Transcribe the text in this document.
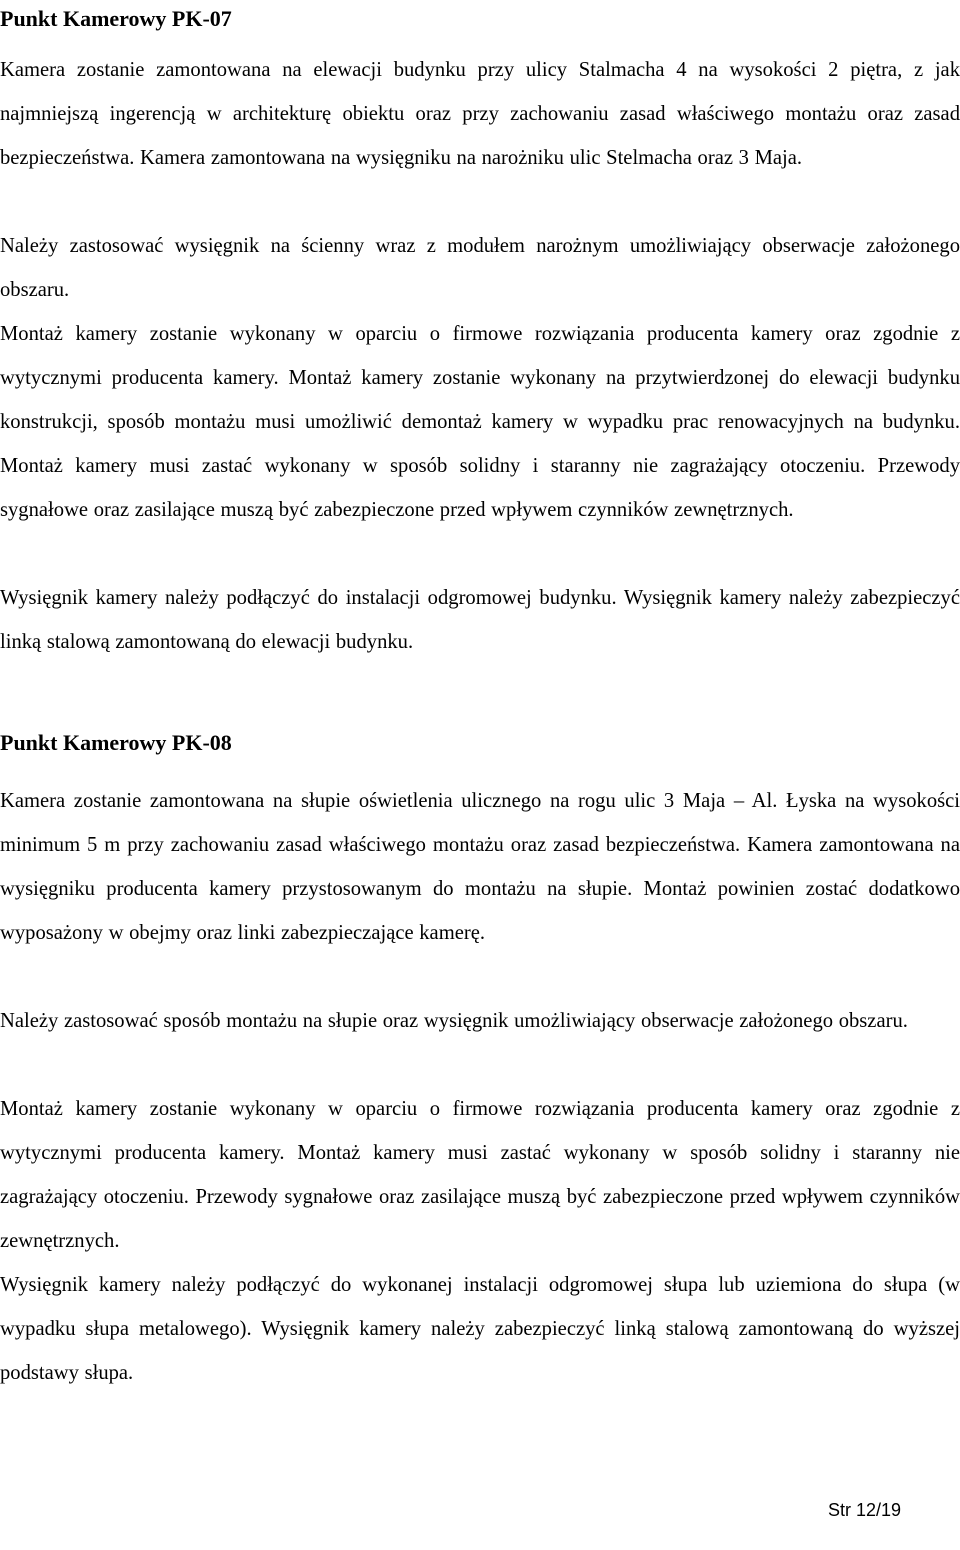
Punkt Kamerowy PK-07

Kamera zostanie zamontowana na elewacji budynku przy ulicy Stalmacha 4 na wysokości 2 piętra, z jak najmniejszą ingerencją w architekturę obiektu oraz przy zachowaniu zasad właściwego montażu oraz zasad bezpieczeństwa. Kamera zamontowana na wysięgniku na narożniku ulic Stelmacha oraz 3 Maja.

Należy zastosować wysięgnik na ścienny wraz z modułem narożnym umożliwiający obserwacje założonego obszaru.

Montaż kamery zostanie wykonany w oparciu o firmowe rozwiązania producenta kamery oraz zgodnie z wytycznymi producenta kamery. Montaż kamery zostanie wykonany na przytwierdzonej do elewacji budynku konstrukcji, sposób montażu musi umożliwić demontaż kamery w wypadku prac renowacyjnych na budynku. Montaż kamery musi zastać wykonany w sposób solidny i staranny nie zagrażający otoczeniu. Przewody sygnałowe oraz zasilające muszą być zabezpieczone przed wpływem czynników zewnętrznych.

Wysięgnik kamery należy podłączyć do instalacji odgromowej budynku. Wysięgnik kamery należy zabezpieczyć linką stalową zamontowaną do elewacji budynku.

Punkt Kamerowy PK-08

Kamera zostanie zamontowana na słupie oświetlenia ulicznego na rogu ulic 3 Maja – Al. Łyska na wysokości minimum 5 m przy zachowaniu zasad właściwego montażu oraz zasad bezpieczeństwa. Kamera zamontowana na wysięgniku producenta kamery przystosowanym do montażu na słupie. Montaż powinien zostać dodatkowo wyposażony w obejmy oraz linki zabezpieczające kamerę.

Należy zastosować sposób montażu na słupie oraz wysięgnik umożliwiający obserwacje założonego obszaru.

Montaż kamery zostanie wykonany w oparciu o firmowe rozwiązania producenta kamery oraz zgodnie z wytycznymi producenta kamery. Montaż kamery musi zastać wykonany w sposób solidny i staranny nie zagrażający otoczeniu. Przewody sygnałowe oraz zasilające muszą być zabezpieczone przed wpływem czynników zewnętrznych.

Wysięgnik kamery należy podłączyć do wykonanej instalacji odgromowej słupa lub uziemiona do słupa (w wypadku słupa metalowego). Wysięgnik kamery należy zabezpieczyć linką stalową zamontowaną do wyższej podstawy słupa.

Str 12/19
